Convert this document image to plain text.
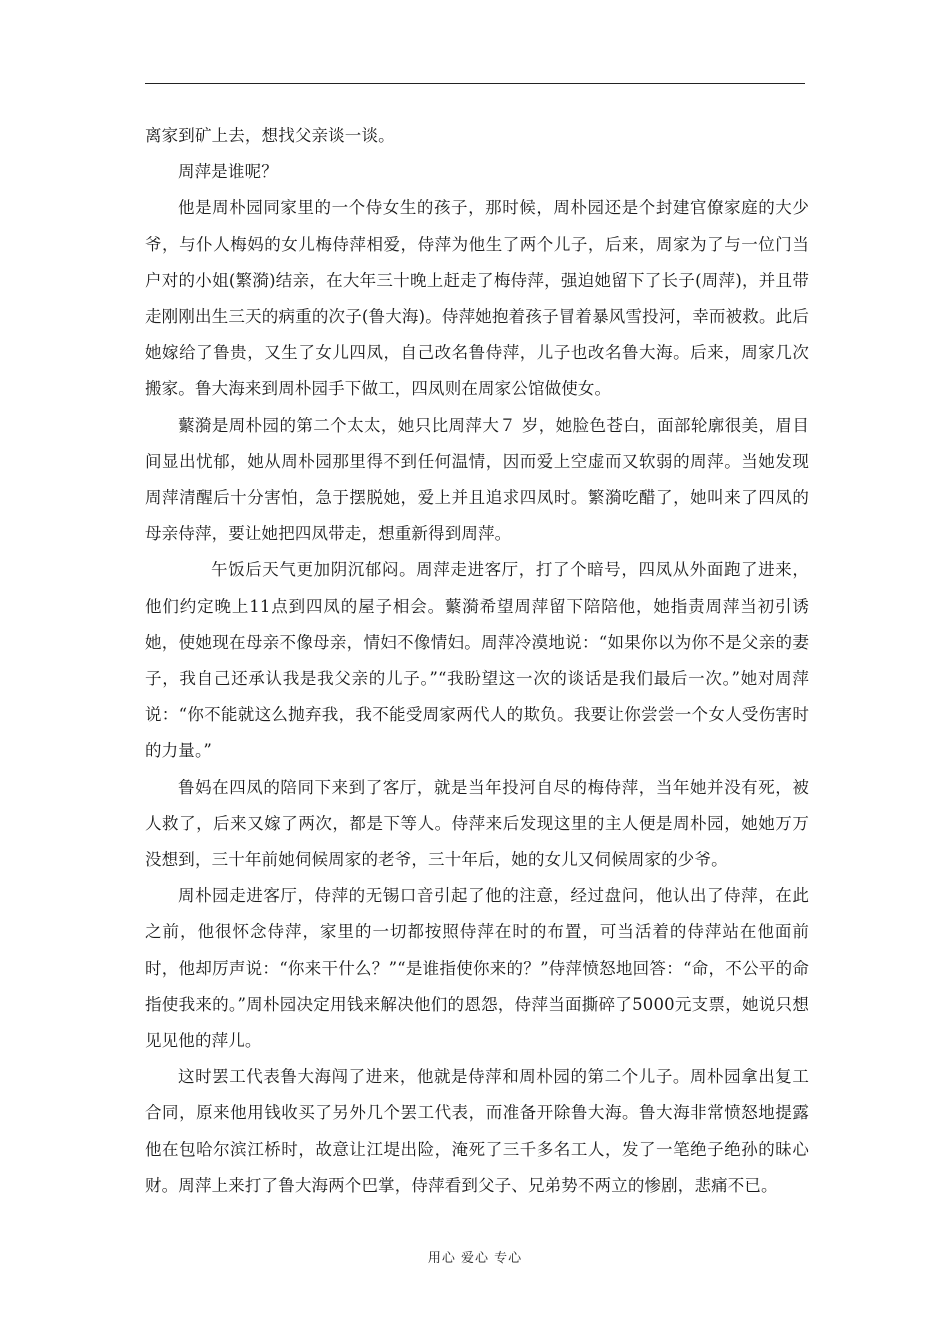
离家到矿上去，想找父亲谈一谈。

周萍是谁呢？

他是周朴园同家里的一个侍女生的孩子，那时候，周朴园还是个封建官僚家庭的大少爷，与仆人梅妈的女儿梅侍萍相爱，侍萍为他生了两个儿子，后来，周家为了与一位门当户对的小姐(繁漪)结亲，在大年三十晚上赶走了梅侍萍，强迫她留下了长子(周萍)，并且带走刚刚出生三天的病重的次子(鲁大海)。侍萍她抱着孩子冒着暴风雪投河，幸而被救。此后她嫁给了鲁贵，又生了女儿四凤，自己改名鲁侍萍，儿子也改名鲁大海。后来，周家几次搬家。鲁大海来到周朴园手下做工，四凤则在周家公馆做使女。

蘩漪是周朴园的第二个太太，她只比周萍大７ 岁，她脸色苍白，面部轮廓很美，眉目间显出忧郁，她从周朴园那里得不到任何温情，因而爱上空虚而又软弱的周萍。当她发现周萍清醒后十分害怕，急于摆脱她，爱上并且追求四凤时。繁漪吃醋了，她叫来了四凤的母亲侍萍，要让她把四凤带走，想重新得到周萍。

午饭后天气更加阴沉郁闷。周萍走进客厅，打了个暗号，四凤从外面跑了进来，他们约定晚上11点到四凤的屋子相会。蘩漪希望周萍留下陪陪他，她指责周萍当初引诱她，使她现在母亲不像母亲，情妇不像情妇。周萍冷漠地说：“如果你以为你不是父亲的妻子，我自己还承认我是我父亲的儿子。”“我盼望这一次的谈话是我们最后一次。”她对周萍说：“你不能就这么抛弃我，我不能受周家两代人的欺负。我要让你尝尝一个女人受伤害时的力量。”

鲁妈在四凤的陪同下来到了客厅，就是当年投河自尽的梅侍萍，当年她并没有死，被人救了，后来又嫁了两次，都是下等人。侍萍来后发现这里的主人便是周朴园，她她万万没想到，三十年前她伺候周家的老爷，三十年后，她的女儿又伺候周家的少爷。

周朴园走进客厅，侍萍的无锡口音引起了他的注意，经过盘问，他认出了侍萍，在此之前，他很怀念侍萍，家里的一切都按照侍萍在时的布置，可当活着的侍萍站在他面前时，他却厉声说：“你来干什么？”“是谁指使你来的？”侍萍愤怒地回答：“命，不公平的命指使我来的。”周朴园决定用钱来解决他们的恩怨，侍萍当面撕碎了5000元支票，她说只想见见他的萍儿。

这时罢工代表鲁大海闯了进来，他就是侍萍和周朴园的第二个儿子。周朴园拿出复工合同，原来他用钱收买了另外几个罢工代表，而准备开除鲁大海。鲁大海非常愤怒地提露他在包哈尔滨江桥时，故意让江堤出险，淹死了三千多名工人，发了一笔绝子绝孙的昧心财。周萍上来打了鲁大海两个巴掌，侍萍看到父子、兄弟势不两立的惨剧，悲痛不已。

用心 爱心 专心
